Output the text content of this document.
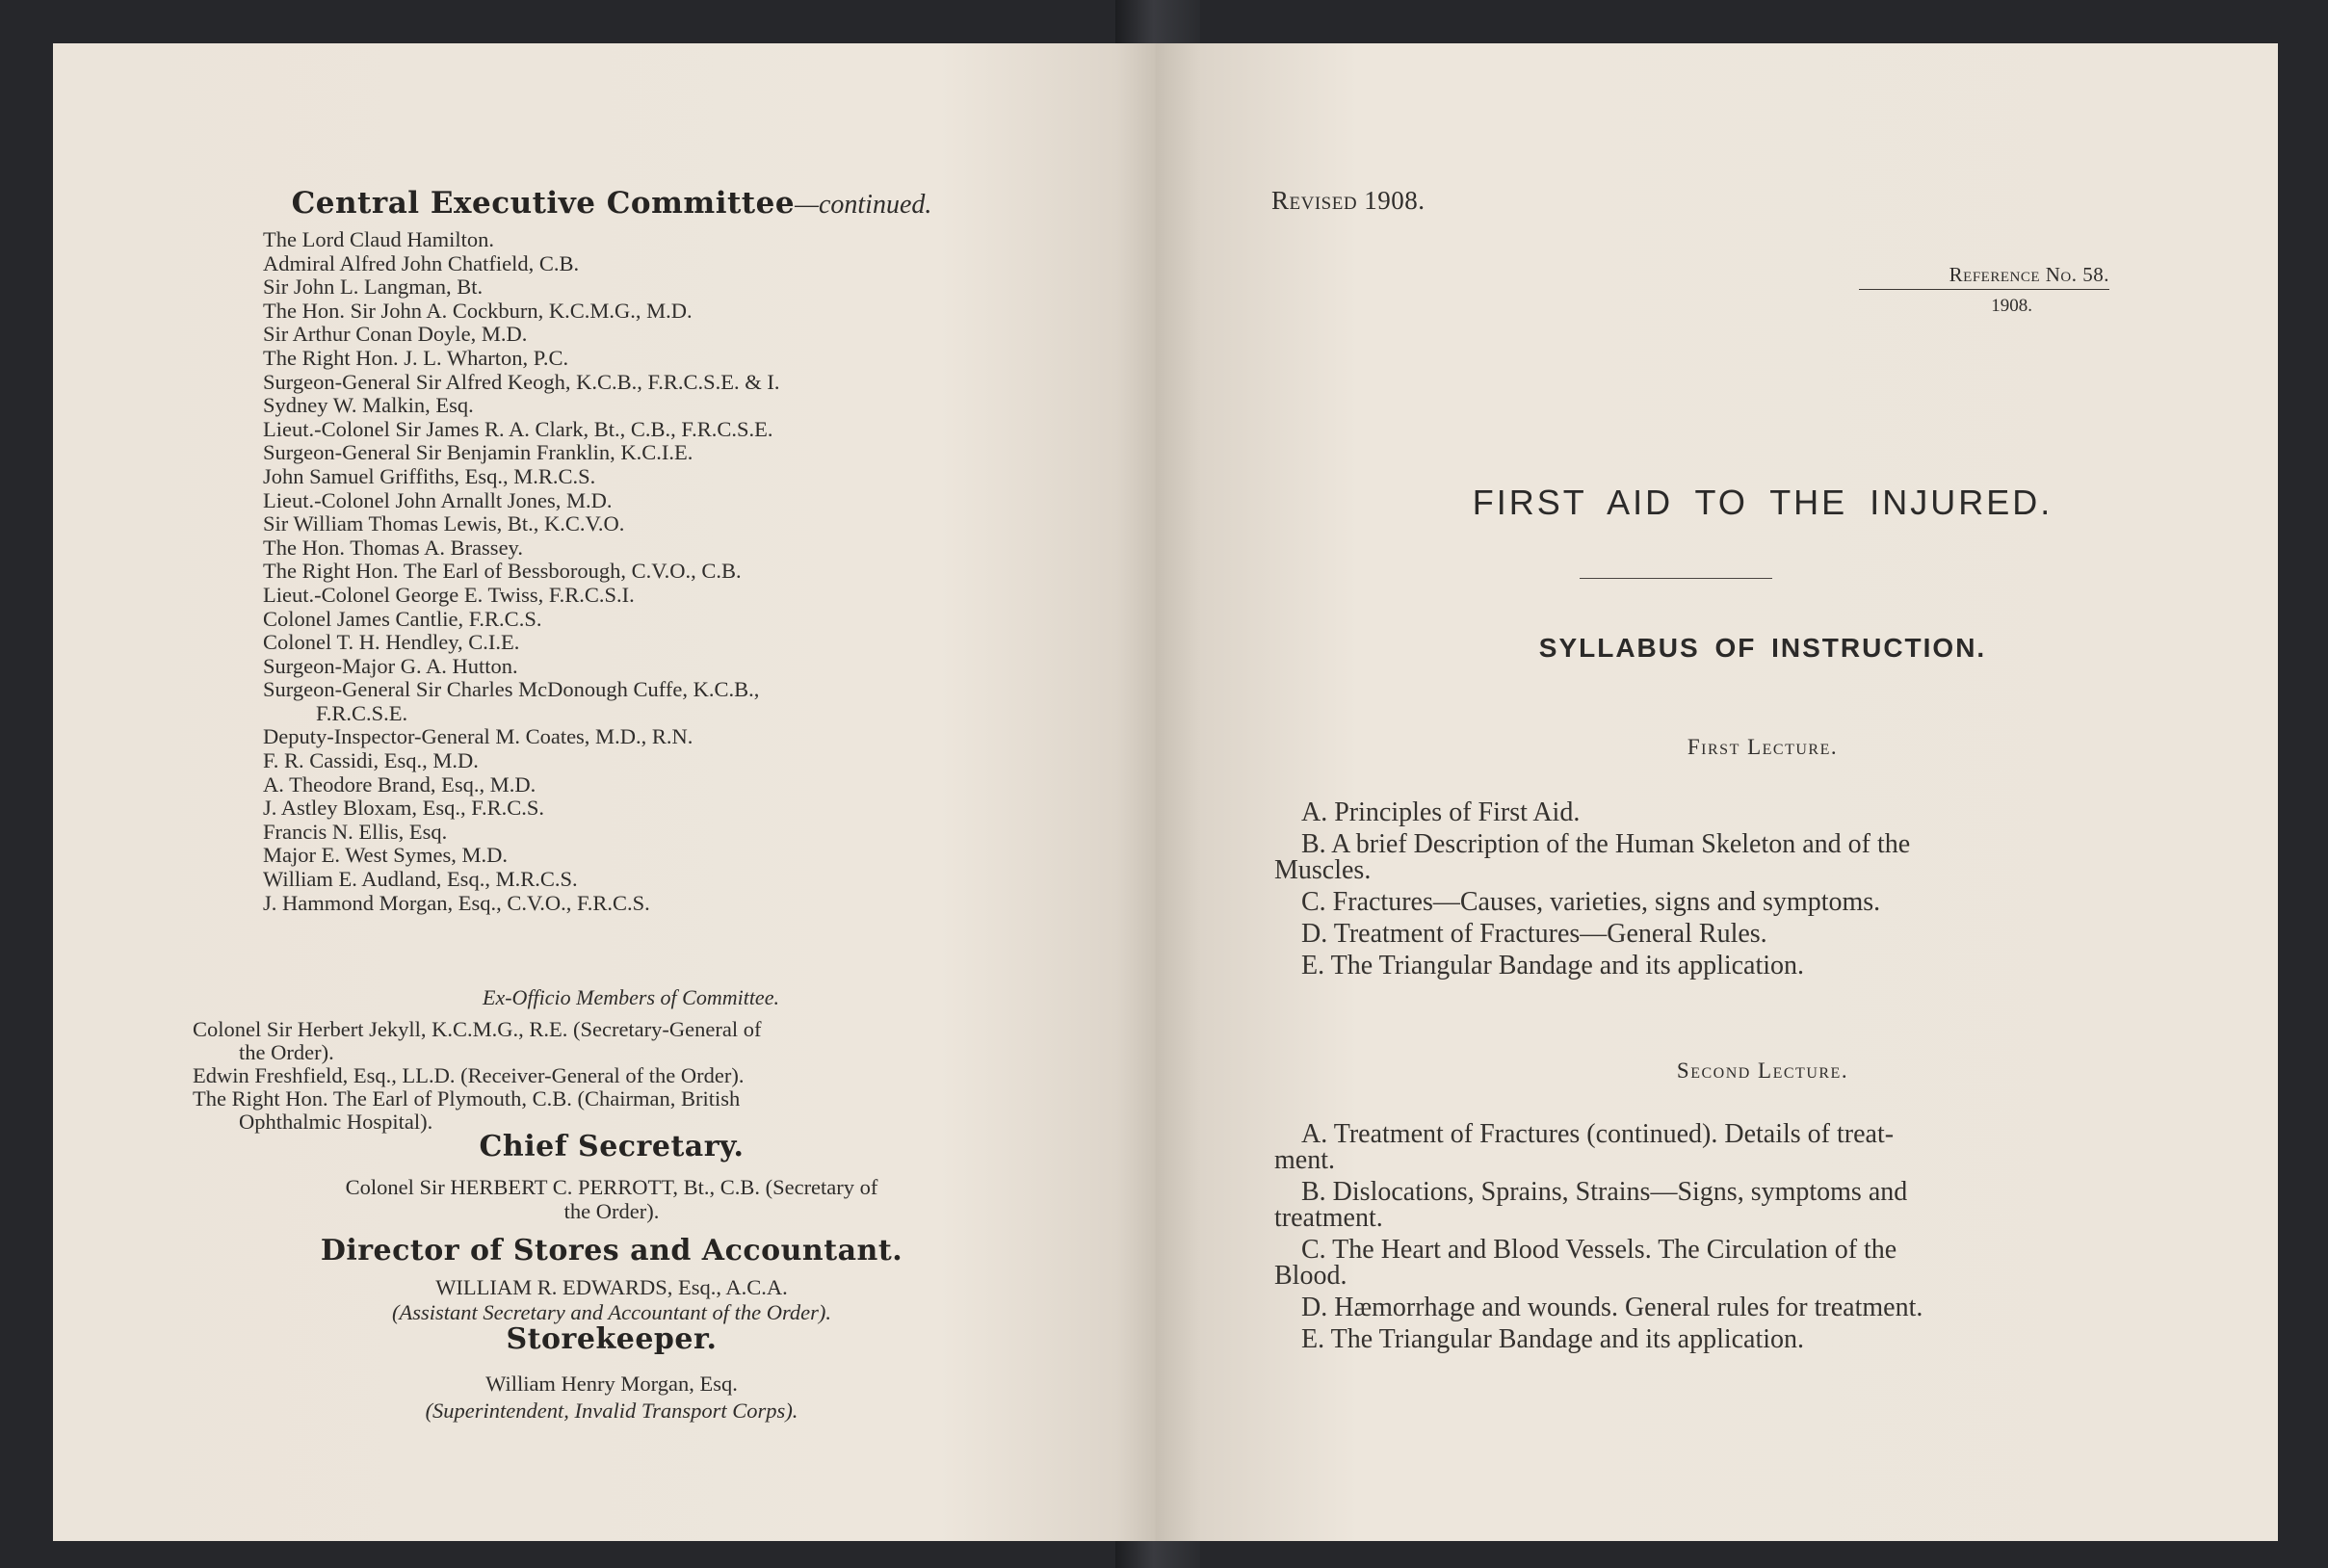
Central Executive Committee—continued.
The Lord Claud Hamilton.
Admiral Alfred John Chatfield, C.B.
Sir John L. Langman, Bt.
The Hon. Sir John A. Cockburn, K.C.M.G., M.D.
Sir Arthur Conan Doyle, M.D.
The Right Hon. J. L. Wharton, P.C.
Surgeon-General Sir Alfred Keogh, K.C.B., F.R.C.S.E. & I.
Sydney W. Malkin, Esq.
Lieut.-Colonel Sir James R. A. Clark, Bt., C.B., F.R.C.S.E.
Surgeon-General Sir Benjamin Franklin, K.C.I.E.
John Samuel Griffiths, Esq., M.R.C.S.
Lieut.-Colonel John Arnallt Jones, M.D.
Sir William Thomas Lewis, Bt., K.C.V.O.
The Hon. Thomas A. Brassey.
The Right Hon. The Earl of Bessborough, C.V.O., C.B.
Lieut.-Colonel George E. Twiss, F.R.C.S.I.
Colonel James Cantlie, F.R.C.S.
Colonel T. H. Hendley, C.I.E.
Surgeon-Major G. A. Hutton.
Surgeon-General Sir Charles McDonough Cuffe, K.C.B.,
F.R.C.S.E.
Deputy-Inspector-General M. Coates, M.D., R.N.
F. R. Cassidi, Esq., M.D.
A. Theodore Brand, Esq., M.D.
J. Astley Bloxam, Esq., F.R.C.S.
Francis N. Ellis, Esq.
Major E. West Symes, M.D.
William E. Audland, Esq., M.R.C.S.
J. Hammond Morgan, Esq., C.V.O., F.R.C.S.
Ex-Officio Members of Committee.
Colonel Sir Herbert Jekyll, K.C.M.G., R.E. (Secretary-General of
the Order).
Edwin Freshfield, Esq., LL.D. (Receiver-General of the Order).
The Right Hon. The Earl of Plymouth, C.B. (Chairman, British
Ophthalmic Hospital).
Chief Secretary.
Colonel Sir HERBERT C. PERROTT, Bt., C.B. (Secretary of
the Order).
Director of Stores and Accountant.
WILLIAM R. EDWARDS, Esq., A.C.A.
(Assistant Secretary and Accountant of the Order).
Storekeeper.
William Henry Morgan, Esq.
(Superintendent, Invalid Transport Corps).
Revised 1908.
Reference No. 58.
1908.
FIRST AID TO THE INJURED.
SYLLABUS OF INSTRUCTION.
First Lecture.
A. Principles of First Aid.
B. A brief Description of the Human Skeleton and of the
Muscles.
C. Fractures—Causes, varieties, signs and symptoms.
D. Treatment of Fractures—General Rules.
E. The Triangular Bandage and its application.
Second Lecture.
A. Treatment of Fractures (continued). Details of treat-
ment.
B. Dislocations, Sprains, Strains—Signs, symptoms and
treatment.
C. The Heart and Blood Vessels. The Circulation of the
Blood.
D. Hæmorrhage and wounds. General rules for treatment.
E. The Triangular Bandage and its application.
